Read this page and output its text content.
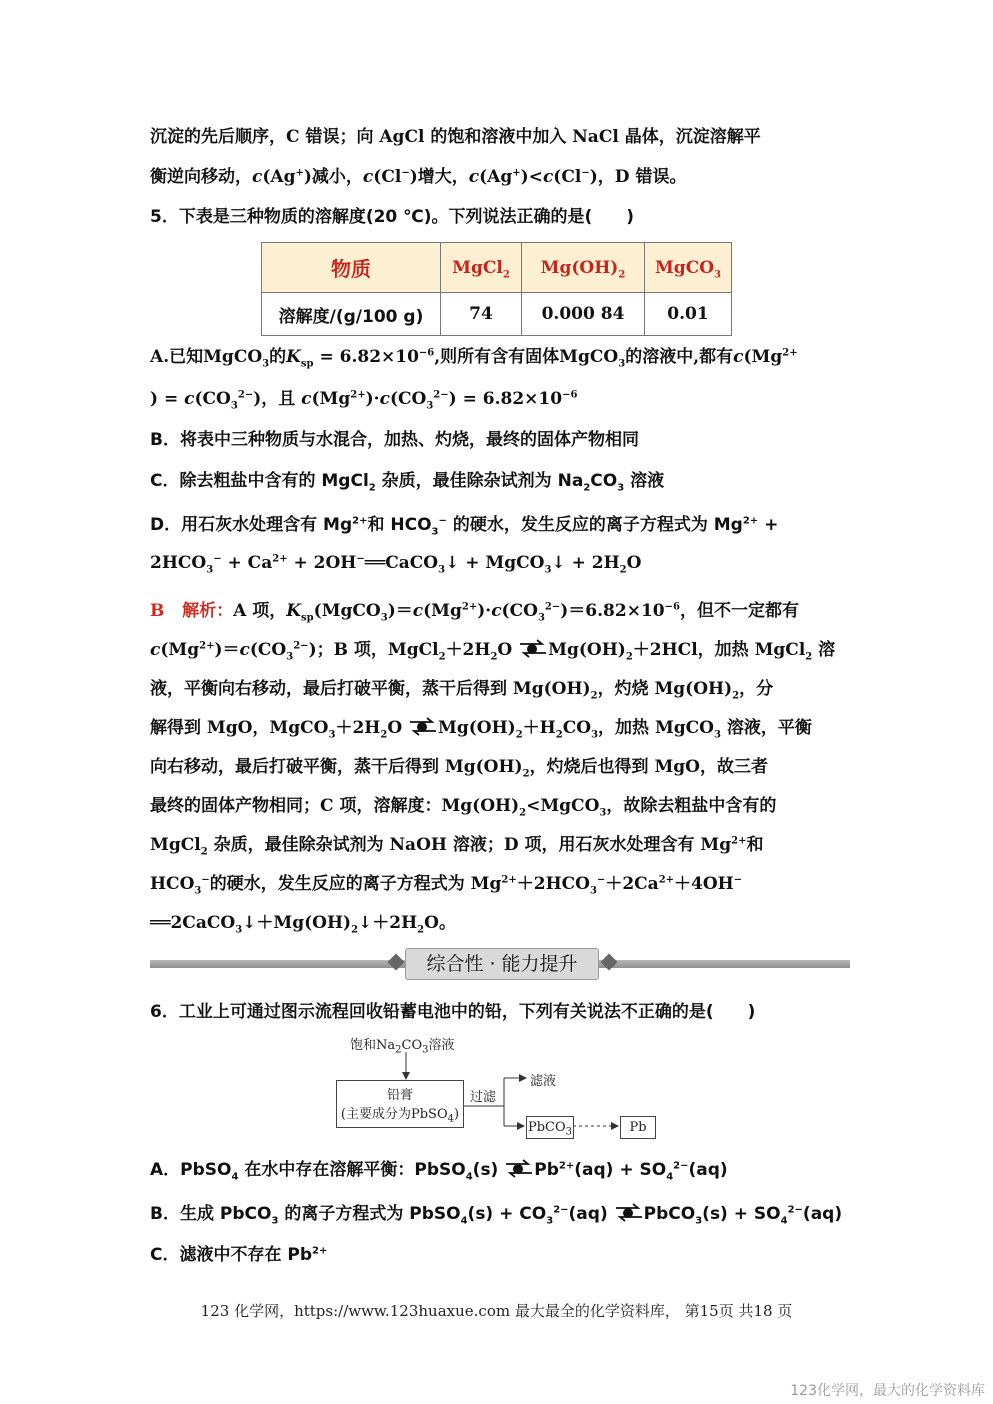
沉淀的先后顺序，C 错误；向 AgCl 的饱和溶液中加入 NaCl 晶体，沉淀溶解平
衡逆向移动，c(Ag+)减小，c(Cl−)增大，c(Ag+)<c(Cl−)，D 错误。
5．下表是三种物质的溶解度(20 ℃)。下列说法正确的是(　　)
物质	MgCl$_2$	$Mg(OH)_2$	MgCO$_3$
溶解度/(g/100 g)	74	0.000 84	0.01
A.已知MgCO$_3$的$K_{sp} = 6.82\times 10^{-6}$,则所有含有固体MgCO$_3$的溶液中,都有$c(Mg^{2+}$
) = $c(CO_3^{2-})$，且 $c(Mg^{2+})\cdot c(CO_3^{2-}) = 6.82\times 10^{-6}$
B．将表中三种物质与水混合，加热、灼烧，最终的固体产物相同
C．除去粗盐中含有的 MgCl$_2$ 杂质，最佳除杂试剂为 $Na_2CO_3$ 溶液
D．用石灰水处理含有 $Mg^{2+}$和 $HCO_3^-$ 的硬水，发生反应的离子方程式为 $Mg^{2+}$ +
$2HCO_3^- + Ca^{2+}$ + 2OH−══CaCO$_3$↓ + MgCO$_3$↓ + $2H_2O$
B 解析：A 项，$K_{sp}(MgCO_3)=c(Mg^{2+})\cdot c(CO_3^{2-})=6.82\times 10^{-6}$，但不一定都有
$c(Mg^{2+})=c(CO_3^{2-})$；B 项，$MgCl_2+2H_2O$ $Mg(OH)_2+2HCl$，加热 MgCl$_2$ 溶
液，平衡向右移动，最后打破平衡，蒸干后得到 $Mg(OH)_2$，灼烧 $Mg(OH)_2$，分
解得到 MgO，$MgCO_3+2H_2O$ $Mg(OH)_2+H_2CO_3$，加热 MgCO$_3$ 溶液，平衡
向右移动，最后打破平衡，蒸干后得到 $Mg(OH)_2$，灼烧后也得到 MgO，故三者
最终的固体产物相同；C 项，溶解度：$Mg(OH)_2<MgCO_3$，故除去粗盐中含有的
MgCl$_2$ 杂质，最佳除杂试剂为 NaOH 溶液；D 项，用石灰水处理含有 $Mg^{2+}$和
$HCO_3^-$的硬水，发生反应的离子方程式为 $Mg^{2+}+2HCO_3^-+2Ca^{2+}+4OH^-$
$══2CaCO_3↓+Mg(OH)_2↓+2H_2O$。
综合性 · 能力提升
6．工业上可通过图示流程回收铅蓄电池中的铅，下列有关说法不正确的是(　　)
饱和$Na_2CO_3$溶液
铅膏
(主要成分为PbSO$_4$)
过滤
滤液
PbCO$_3$	Pb
A．PbSO$_4$ 在水中存在溶解平衡：PbSO$_4$(s) $Pb^{2+}(aq) + SO_4^{2-}(aq)$
B．生成 PbCO$_3$ 的离子方程式为 PbSO$_4$(s) + $CO_3^{2-}(aq)$ PbCO$_3$(s) + $SO_4^{2-}(aq)$
C．滤液中不存在 $Pb^{2+}$
123 化学网，https://www.123huaxue.com 最大最全的化学资料库， 第15页 共18 页
123化学网，最大的化学资料库
